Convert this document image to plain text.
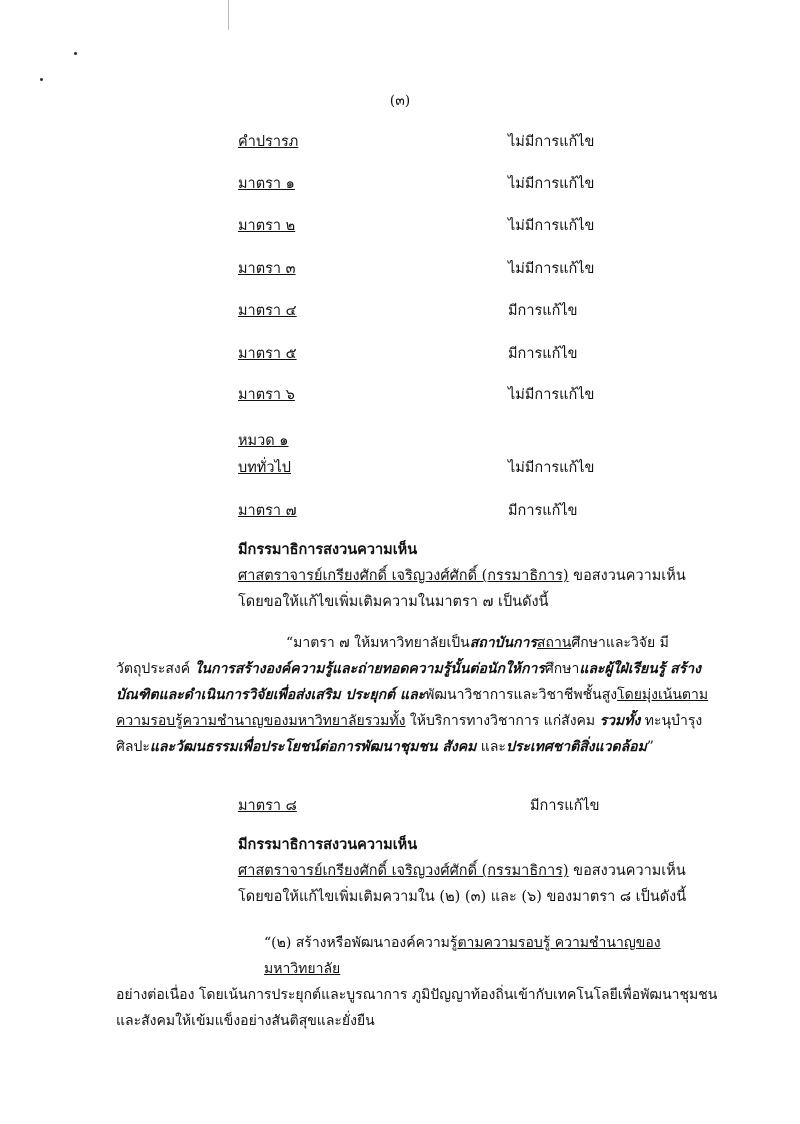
(๓)
คำปรารภ	ไม่มีการแก้ไข
มาตรา ๑	ไม่มีการแก้ไข
มาตรา ๒	ไม่มีการแก้ไข
มาตรา ๓	ไม่มีการแก้ไข
มาตรา ๔	มีการแก้ไข
มาตรา ๕	มีการแก้ไข
มาตรา ๖	ไม่มีการแก้ไข
หมวด ๑
บททั่วไป	ไม่มีการแก้ไข
มาตรา ๗	มีการแก้ไข
มีกรรมาธิการสงวนความเห็น
ศาสตราจารย์เกรียงศักดิ์ เจริญวงศ์ศักดิ์ (กรรมาธิการ) ขอสงวนความเห็น
โดยขอให้แก้ไขเพิ่มเติมความในมาตรา ๗ เป็นดังนี้
“มาตรา ๗ ให้มหาวิทยาลัยเป็นสถาบันการสถานศึกษาและวิจัย มี
วัตถุประสงค์ ในการสร้างองค์ความรู้และถ่ายทอดความรู้นั้นต่อนักให้การศึกษาและผู้ใฝ่เรียนรู้ สร้าง
บัณฑิตและดำเนินการวิจัยเพื่อส่งเสริม ประยุกต์ และพัฒนาวิชาการและวิชาชีพชั้นสูงโดยมุ่งเน้นตาม
ความรอบรู้ความชำนาญของมหาวิทยาลัยรวมทั้ง ให้บริการทางวิชาการ แก่สังคม รวมทั้ง ทะนุบำรุง
ศิลปะและวัฒนธรรมเพื่อประโยชน์ต่อการพัฒนาชุมชน สังคม และประเทศชาติสิ่งแวดล้อม”
มาตรา ๘	มีการแก้ไข
มีกรรมาธิการสงวนความเห็น
ศาสตราจารย์เกรียงศักดิ์ เจริญวงศ์ศักดิ์ (กรรมาธิการ) ขอสงวนความเห็น
โดยขอให้แก้ไขเพิ่มเติมความใน (๒) (๓) และ (๖) ของมาตรา ๘ เป็นดังนี้
“(๒) สร้างหรือพัฒนาองค์ความรู้ตามความรอบรู้ ความชำนาญของมหาวิทยาลัย
อย่างต่อเนื่อง โดยเน้นการประยุกต์และบูรณาการ ภูมิปัญญาท้องถิ่นเข้ากับเทคโนโลยีเพื่อพัฒนาชุมชน
และสังคมให้เข้มแข็งอย่างสันติสุขและยั่งยืน
